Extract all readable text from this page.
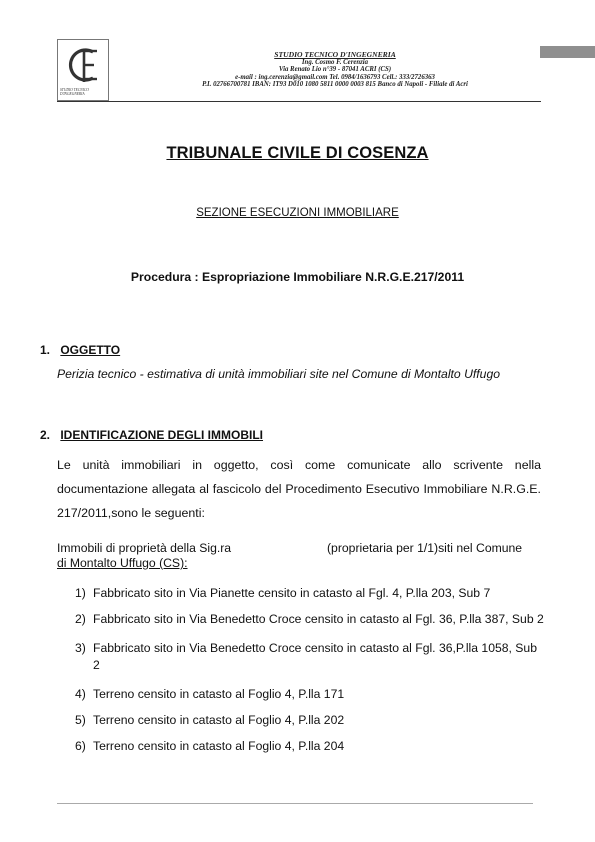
STUDIO TECNICO D'INGEGNERIA
STUDIO TECNICO D'INGEGNERIA
Ing. Cosmo F. Cerenzia
Via Renato Lio n°39 - 87041 ACRI (CS)
e-mail : ing.cerenzia@gmail.com Tel. 0984/1636793 Cell.: 333/2726363
P.I. 02766700781 IBAN: IT93 D010 1080 5811 0000 0003 815 Banco di Napoli - Filiale di Acri
TRIBUNALE CIVILE DI COSENZA
SEZIONE ESECUZIONI IMMOBILIARE
Procedura : Espropriazione Immobiliare N.R.G.E.217/2011
1. OGGETTO
Perizia tecnico - estimativa di unità immobiliari site nel Comune di Montalto Uffugo
2. IDENTIFICAZIONE DEGLI IMMOBILI
Le unità immobiliari in oggetto, così come comunicate allo scrivente nella documentazione allegata al fascicolo del Procedimento Esecutivo Immobiliare N.R.G.E. 217/2011,sono le seguenti:
Immobili di proprietà della Sig.ra	(proprietaria per 1/1)siti nel Comune
di Montalto Uffugo (CS):
1) Fabbricato sito in Via Pianette censito in catasto al Fgl. 4, P.lla 203, Sub 7
2) Fabbricato sito in Via Benedetto Croce censito in catasto al Fgl. 36, P.lla 387, Sub 2
3) Fabbricato sito in Via Benedetto Croce censito in catasto al Fgl. 36,P.lla 1058, Sub 2
4) Terreno censito in catasto al Foglio 4, P.lla 171
5) Terreno censito in catasto al Foglio 4, P.lla 202
6) Terreno censito in catasto al Foglio 4, P.lla 204
